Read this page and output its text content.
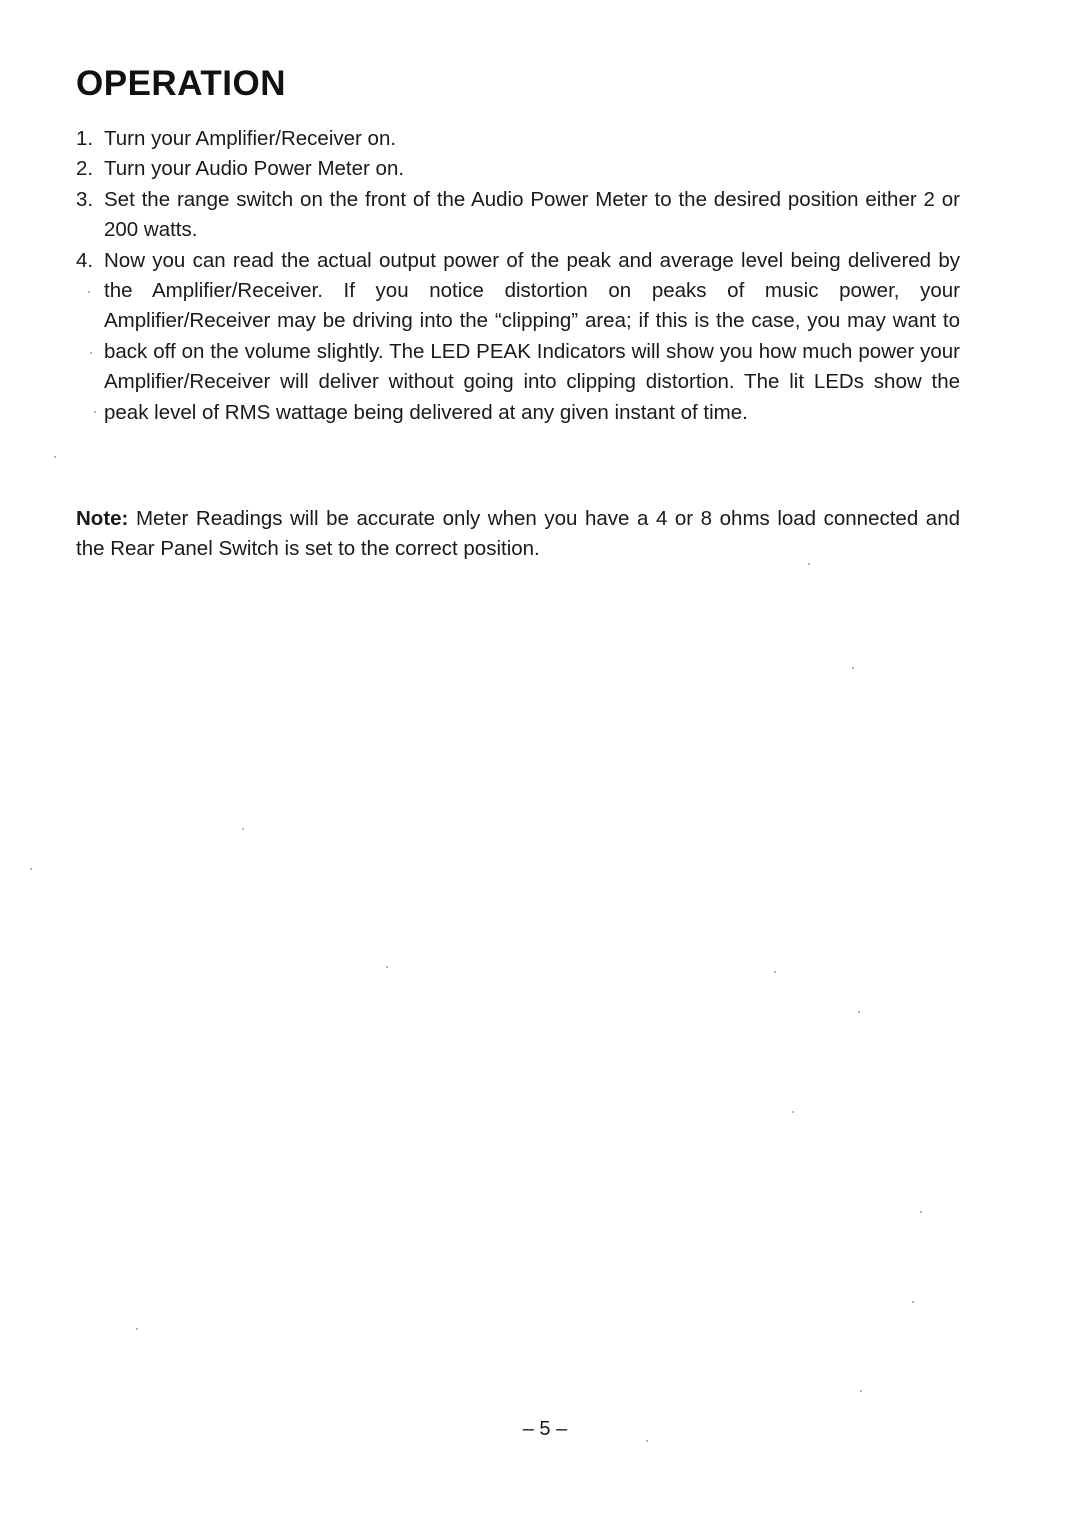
OPERATION
1. Turn your Amplifier/Receiver on.
2. Turn your Audio Power Meter on.
3. Set the range switch on the front of the Audio Power Meter to the desired position either 2 or 200 watts.
4. Now you can read the actual output power of the peak and average level being delivered by the Amplifier/Receiver. If you notice distortion on peaks of music power, your Amplifier/Receiver may be driving into the “clipping” area; if this is the case, you may want to back off on the volume slightly. The LED PEAK Indicators will show you how much power your Amplifier/Receiver will deliver without going into clipping distortion. The lit LEDs show the peak level of RMS wattage being delivered at any given instant of time.

Note: Meter Readings will be accurate only when you have a 4 or 8 ohms load connected and the Rear Panel Switch is set to the correct position.

– 5 –
